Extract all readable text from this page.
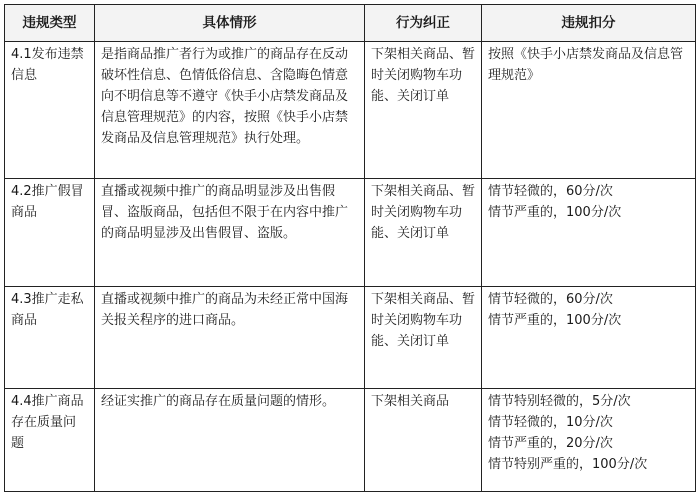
违规类型	具体情形	行为纠正	违规扣分
4.1发布违禁信息	是指商品推广者行为或推广的商品存在反动破坏性信息、色情低俗信息、含隐晦色情意向不明信息等不遵守《快手小店禁发商品及信息管理规范》的内容，按照《快手小店禁发商品及信息管理规范》执行处理。	下架相关商品、暂时关闭购物车功能、关闭订单	按照《快手小店禁发商品及信息管理规范》

4.2推广假冒商品	直播或视频中推广的商品明显涉及出售假冒、盗版商品，包括但不限于在内容中推广的商品明显涉及出售假冒、盗版。	下架相关商品、暂时关闭购物车功能、关闭订单	情节轻微的，60分/次
情节严重的，100分/次

4.3推广走私商品	直播或视频中推广的商品为未经正常中国海关报关程序的进口商品。	下架相关商品、暂时关闭购物车功能、关闭订单	情节轻微的，60分/次
情节严重的，100分/次

4.4推广商品存在质量问题	经证实推广的商品存在质量问题的情形。	下架相关商品	情节特别轻微的，5分/次
情节轻微的，10分/次
情节严重的，20分/次
情节特别严重的，100分/次
